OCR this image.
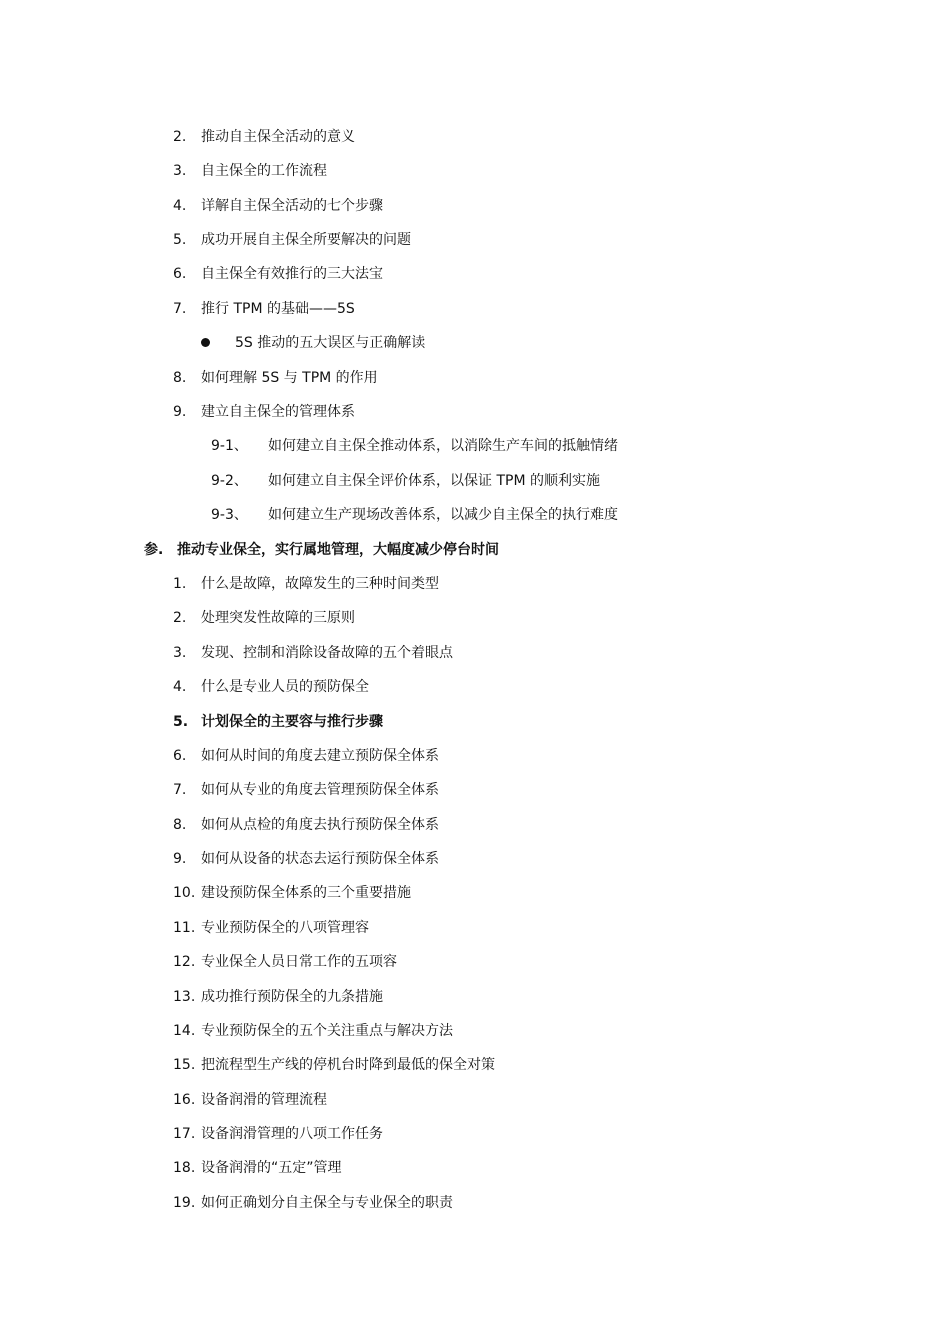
2. 推动自主保全活动的意义
3. 自主保全的工作流程
4. 详解自主保全活动的七个步骤
5. 成功开展自主保全所要解决的问题
6. 自主保全有效推行的三大法宝
7. 推行 TPM 的基础——5S
5S 推动的五大误区与正确解读
8. 如何理解 5S 与 TPM 的作用
9. 建立自主保全的管理体系
9-1、 如何建立自主保全推动体系，以消除生产车间的抵触情绪
9-2、 如何建立自主保全评价体系，以保证 TPM 的顺利实施
9-3、 如何建立生产现场改善体系，以减少自主保全的执行难度
参. 推动专业保全，实行属地管理，大幅度减少停台时间
1. 什么是故障，故障发生的三种时间类型
2. 处理突发性故障的三原则
3. 发现、控制和消除设备故障的五个着眼点
4. 什么是专业人员的预防保全
5. 计划保全的主要容与推行步骤
6. 如何从时间的角度去建立预防保全体系
7. 如何从专业的角度去管理预防保全体系
8. 如何从点检的角度去执行预防保全体系
9. 如何从设备的状态去运行预防保全体系
10. 建设预防保全体系的三个重要措施
11. 专业预防保全的八项管理容
12. 专业保全人员日常工作的五项容
13. 成功推行预防保全的九条措施
14. 专业预防保全的五个关注重点与解决方法
15. 把流程型生产线的停机台时降到最低的保全对策
16. 设备润滑的管理流程
17. 设备润滑管理的八项工作任务
18. 设备润滑的“五定”管理
19. 如何正确划分自主保全与专业保全的职责
